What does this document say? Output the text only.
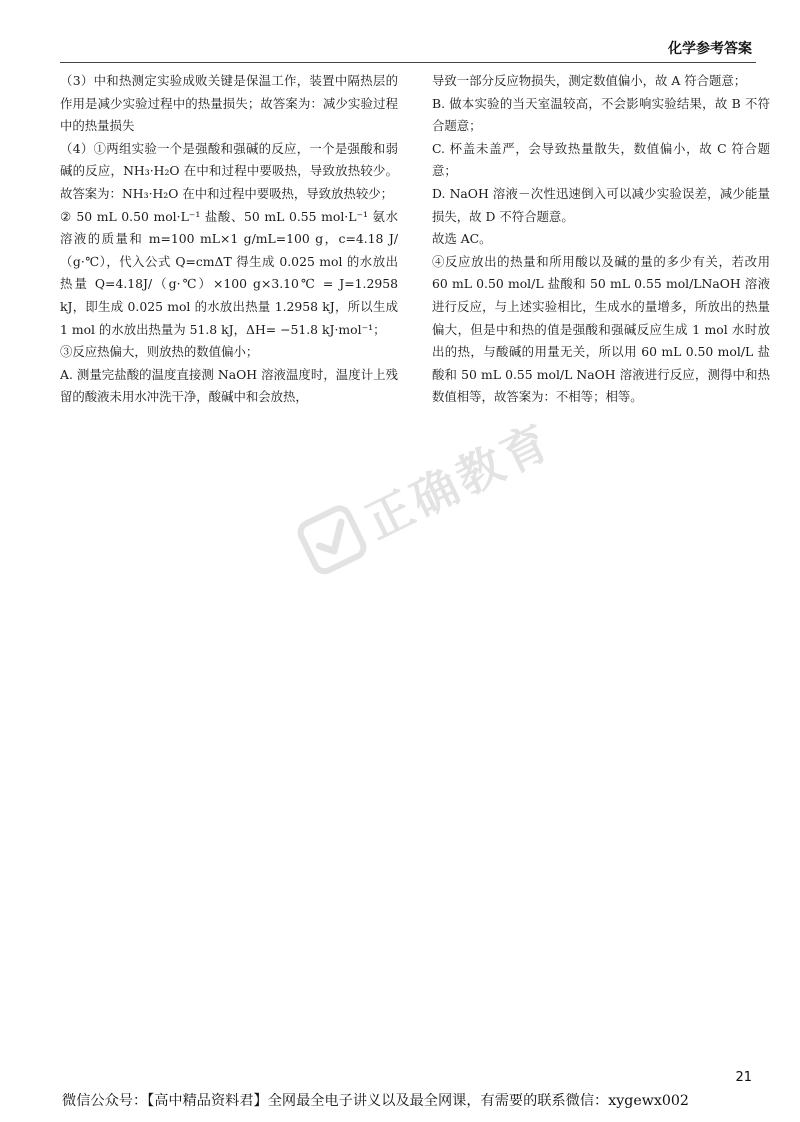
化学参考答案

（3）中和热测定实验成败关键是保温工作，装置中隔热层的作用是减少实验过程中的热量损失；故答案为：减少实验过程中的热量损失

（4）①两组实验一个是强酸和强碱的反应，一个是强酸和弱碱的反应，NH₃·H₂O 在中和过程中要吸热，导致放热较少。故答案为：NH₃·H₂O 在中和过程中要吸热，导致放热较少；

② 50 mL 0.50 mol·L⁻¹ 盐酸、50 mL 0.55 mol·L⁻¹ 氨水溶液的质量和 m=100 mL×1 g/mL=100 g，c=4.18 J/（g·℃），代入公式 Q=cmΔT 得生成 0.025 mol 的水放出热量 Q=4.18J/（g·℃）×100 g×3.10℃ = J=1.2958 kJ，即生成 0.025 mol 的水放出热量 1.2958 kJ，所以生成 1 mol 的水放出热量为 51.8 kJ，ΔH= −51.8 kJ·mol⁻¹；

③反应热偏大，则放热的数值偏小；

A. 测量完盐酸的温度直接测 NaOH 溶液温度时，温度计上残留的酸液未用水冲洗干净，酸碱中和会放热，

导致一部分反应物损失，测定数值偏小，故 A 符合题意；

B. 做本实验的当天室温较高，不会影响实验结果，故 B 不符合题意；

C. 杯盖未盖严，会导致热量散失，数值偏小，故 C 符合题意；

D. NaOH 溶液－次性迅速倒入可以减少实验误差，减少能量损失，故 D 不符合题意。

故选 AC。

④反应放出的热量和所用酸以及碱的量的多少有关，若改用 60 mL 0.50 mol/L 盐酸和 50 mL 0.55 mol/LNaOH 溶液进行反应，与上述实验相比，生成水的量增多，所放出的热量偏大，但是中和热的值是强酸和强碱反应生成 1 mol 水时放出的热，与酸碱的用量无关，所以用 60 mL 0.50 mol/L 盐酸和 50 mL 0.55 mol/L NaOH 溶液进行反应，测得中和热数值相等，故答案为：不相等；相等。

正确教育
21
微信公众号：【高中精品资料君】全网最全电子讲义以及最全网课，有需要的联系微信：xygewx002
